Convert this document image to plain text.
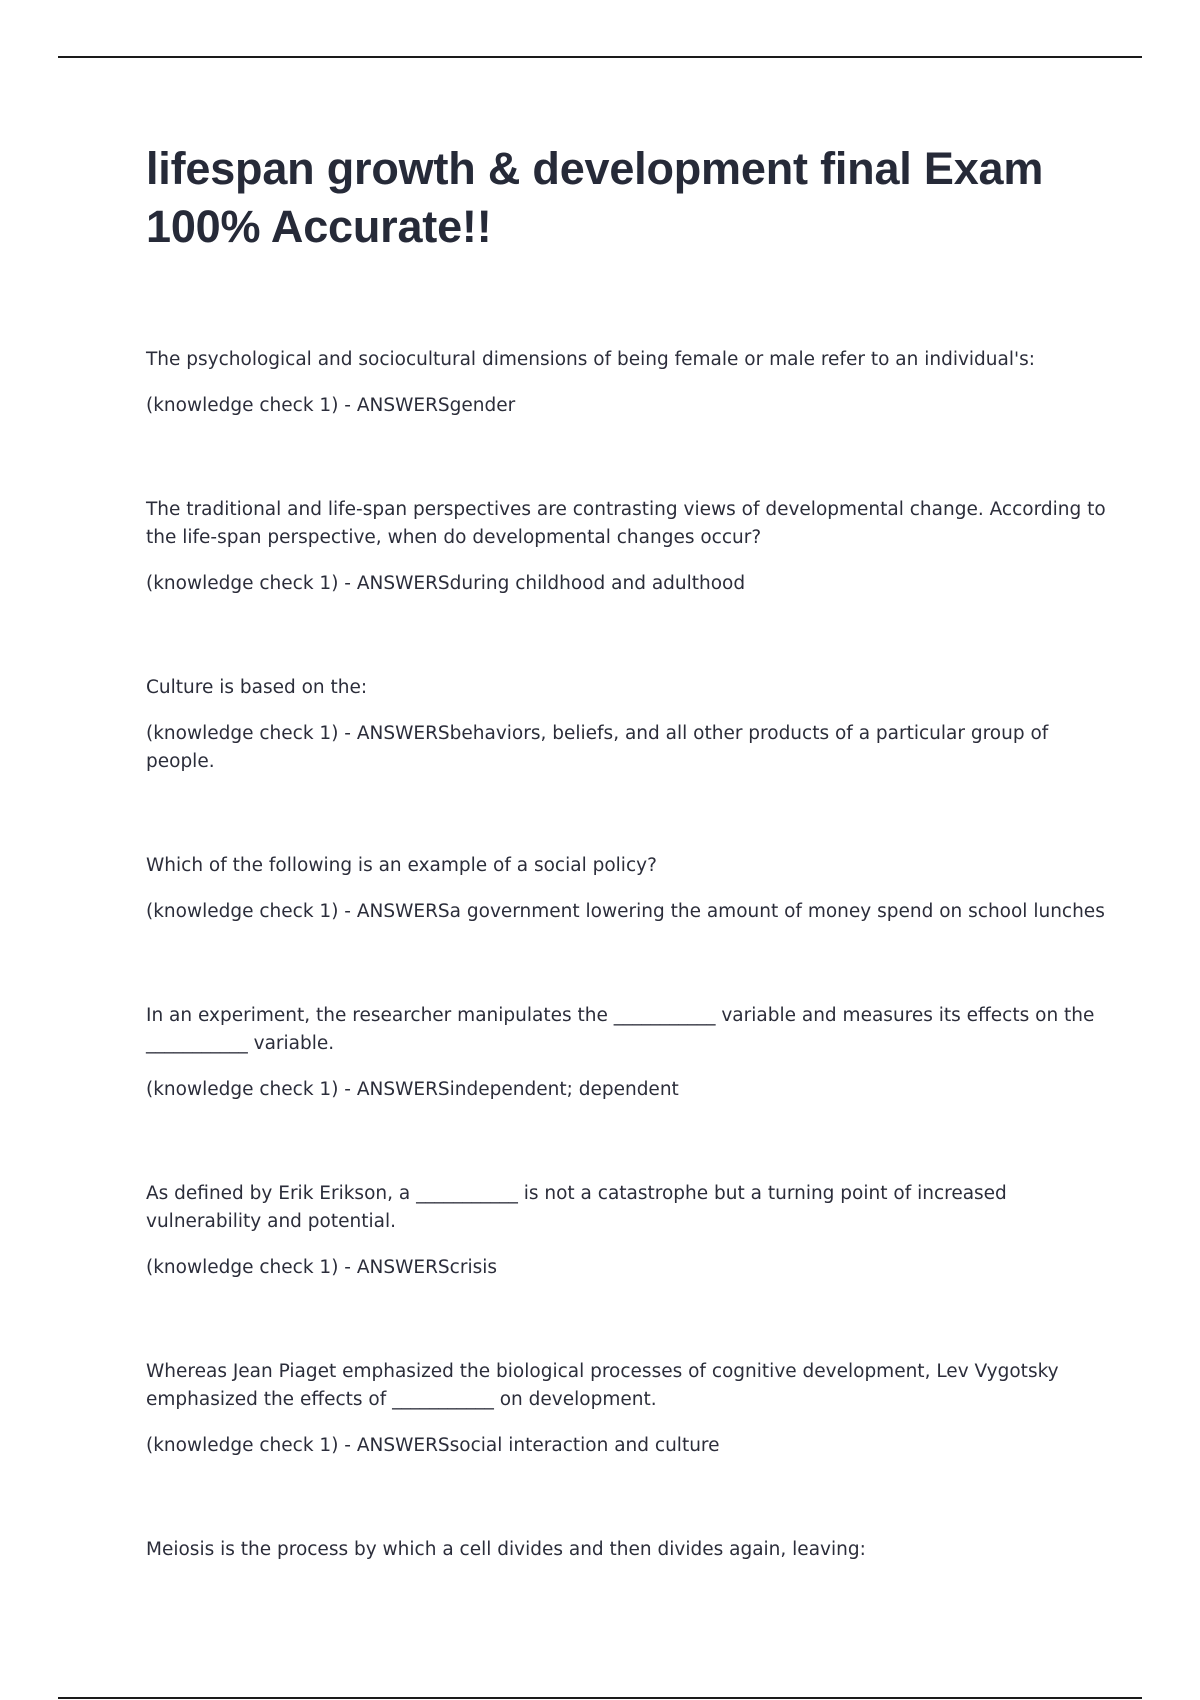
lifespan growth & development final Exam 100% Accurate!!

The psychological and sociocultural dimensions of being female or male refer to an individual's:

(knowledge check 1) - ANSWERSgender

The traditional and life-span perspectives are contrasting views of developmental change. According to the life-span perspective, when do developmental changes occur?

(knowledge check 1) - ANSWERSduring childhood and adulthood

Culture is based on the:

(knowledge check 1) - ANSWERSbehaviors, beliefs, and all other products of a particular group of people.

Which of the following is an example of a social policy?

(knowledge check 1) - ANSWERSa government lowering the amount of money spend on school lunches

In an experiment, the researcher manipulates the ___________ variable and measures its effects on the ___________ variable.

(knowledge check 1) - ANSWERSindependent; dependent

As defined by Erik Erikson, a ___________ is not a catastrophe but a turning point of increased vulnerability and potential.

(knowledge check 1) - ANSWERScrisis

Whereas Jean Piaget emphasized the biological processes of cognitive development, Lev Vygotsky emphasized the effects of ___________ on development.

(knowledge check 1) - ANSWERSsocial interaction and culture

Meiosis is the process by which a cell divides and then divides again, leaving:
